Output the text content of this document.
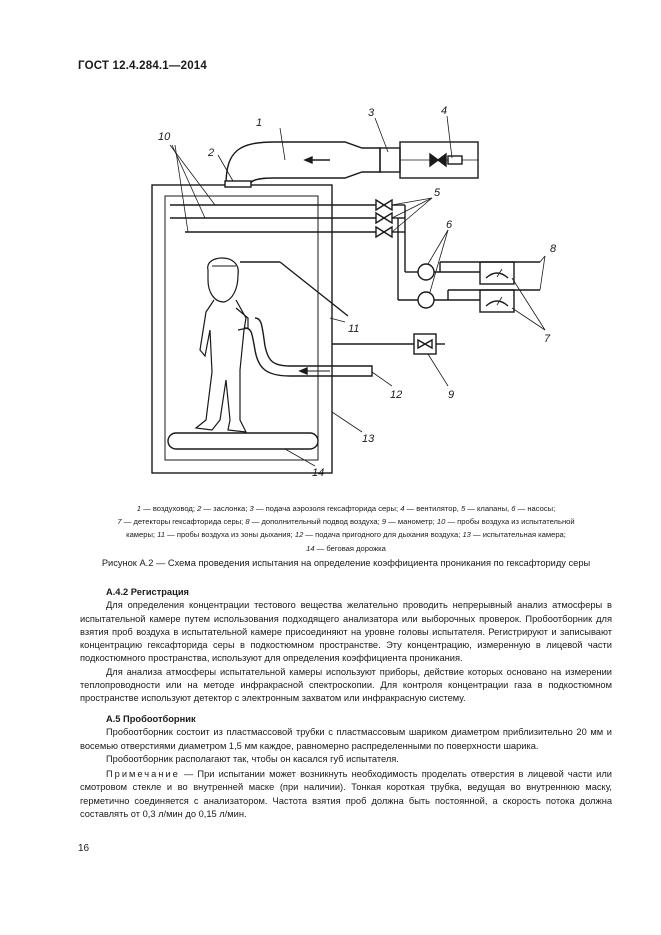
ГОСТ 12.4.284.1—2014
1
2
3	4
5
6
7
8
9
10
11
12
13
14
1 — воздуховод; 2 — заслонка; 3 — подача аэрозоля гексафторида серы; 4 — вентилятор, 5 — клапаны, 6 — насосы;
7 — детекторы гексафторида серы; 8 — дополнительный подвод воздуха; 9 — манометр; 10 — пробы воздуха из испытательной
камеры; 11 — пробы воздуха из зоны дыхания; 12 — подача пригодного для дыхания воздуха; 13 — испытательная камера;
14 — беговая дорожка
Рисунок А.2 — Схема проведения испытания на определение коэффициента проникания по гексафториду серы

А.4.2 Регистрация

Для определения концентрации тестового вещества желательно проводить непрерывный анализ атмосферы в испытательной камере путем использования подходящего анализатора или выборочных проверок. Пробоотборник для взятия проб воздуха в испытательной камере присоединяют на уровне головы испытателя. Регистрируют и записывают концентрацию гексафторида серы в подкостюмном пространстве. Эту концентрацию, измеренную в лицевой части подкостюмного пространства, используют для определения коэффициента проникания.

Для анализа атмосферы испытательной камеры используют приборы, действие которых основано на измерении теплопроводности или на методе инфракрасной спектроскопии. Для контроля концентрации газа в подкостюмном пространстве используют детектор с электронным захватом или инфракрасную систему.

А.5 Пробоотборник

Пробоотборник состоит из пластмассовой трубки с пластмассовым шариком диаметром приблизительно 20 мм и восемью отверстиями диаметром 1,5 мм каждое, равномерно распределенными по поверхности шарика.

Пробоотборник располагают так, чтобы он касался губ испытателя.

Примечание — При испытании может возникнуть необходимость проделать отверстия в лицевой части или смотровом стекле и во внутренней маске (при наличии). Тонкая короткая трубка, ведущая во внутреннюю маску, герметично соединяется с анализатором. Частота взятия проб должна быть постоянной, а скорость потока должна составлять от 0,3 л/мин до 0,15 л/мин.

16
